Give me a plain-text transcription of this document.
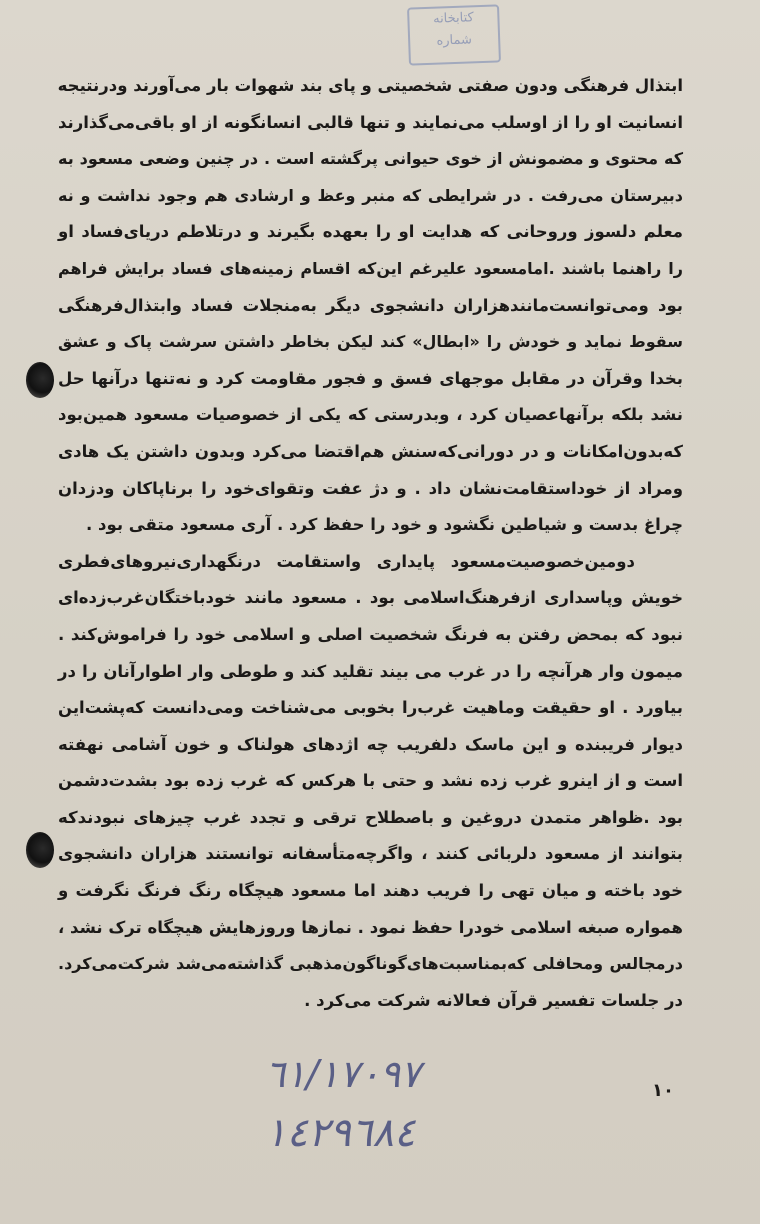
کتابخانه
شماره
ابتذال فرهنگی ودون صفتی شخصیتی و پای بند شهوات بار می‌آورند ودرنتیجه
انسانیت او را از اوسلب می‌نمایند و تنها قالبی انسانگونه از او باقی‌می‌گذارند
که محتوی و مضمونش از خوی حیوانی پرگشته است . در چنین وضعی مسعود به
دبیرستان می‌رفت . در شرایطی که منبر وعظ و ارشادی هم وجود نداشت و نه
معلم دلسوز وروحانی که هدایت او را بعهده بگیرند و درتلاطم دریای‌فساد او
را راهنما باشند .امامسعود علیرغم این‌که اقسام زمینه‌های فساد برایش فراهم
بود ومی‌توانست‌مانندهزاران دانشجوی دیگر به‌منجلات فساد وابتذال‌فرهنگی
سقوط نماید و خودش را «ابطال» کند لیکن بخاطر داشتن سرشت پاک و عشق
بخدا وقرآن در مقابل موجهای فسق و فجور مقاومت کرد و نه‌تنها درآنها حل
نشد بلکه برآنهاعصیان کرد ، وبدرستی که یکی از خصوصیات مسعود همین‌بود
که‌بدون‌امکانات و در دورانی‌که‌سنش هم‌اقتضا می‌کرد وبدون داشتن یک هادی
ومراد از خوداستقامت‌نشان داد . و دژ عفت وتقوای‌خود را برناپاکان ودزدان
چراغ بدست و شیاطین نگشود و خود را حفظ کرد . آری مسعود متقی بود .
دومین‌خصوصیت‌مسعود پایداری واستقامت درنگهداری‌نیروهای‌فطری
خویش وپاسداری ازفرهنگ‌اسلامی بود . مسعود مانند خودباختگان‌غرب‌زده‌ای
نبود که بمحض رفتن به فرنگ شخصیت اصلی و اسلامی خود را فراموش‌کند .
میمون وار هرآنچه را در غرب می بیند تقلید کند و طوطی وار اطوارآنان را در
بیاورد . او حقیقت وماهیت غرب‌را بخوبی می‌شناخت ومی‌دانست که‌پشت‌این
دیوار فریبنده و این ماسک دلفریب چه اژدهای هولناک و خون آشامی نهفته
است و از اینرو غرب زده نشد و حتی با هرکس که غرب زده بود بشدت‌دشمن
بود .ظواهر متمدن دروغین و باصطلاح ترقی و تجدد غرب چیزهای نبودندکه
بتوانند از مسعود دلربائی کنند ، واگرچه‌متأسفانه توانستند هزاران دانشجوی
خود باخته و میان تهی را فریب دهند اما مسعود هیچگاه رنگ فرنگ نگرفت و
همواره صبغه اسلامی خودرا حفظ نمود . نمازها وروزهایش هیچگاه ترک نشد ،
درمجالس ومحافلی که‌بمناسبت‌های‌گوناگون‌مذهبی گذاشته‌می‌شد شرکت‌می‌کرد.
در جلسات تفسیر قرآن فعالانه شرکت می‌کرد .
٦١/١٧٠٩٧
١٤٢٩٦٨٤
۱۰
